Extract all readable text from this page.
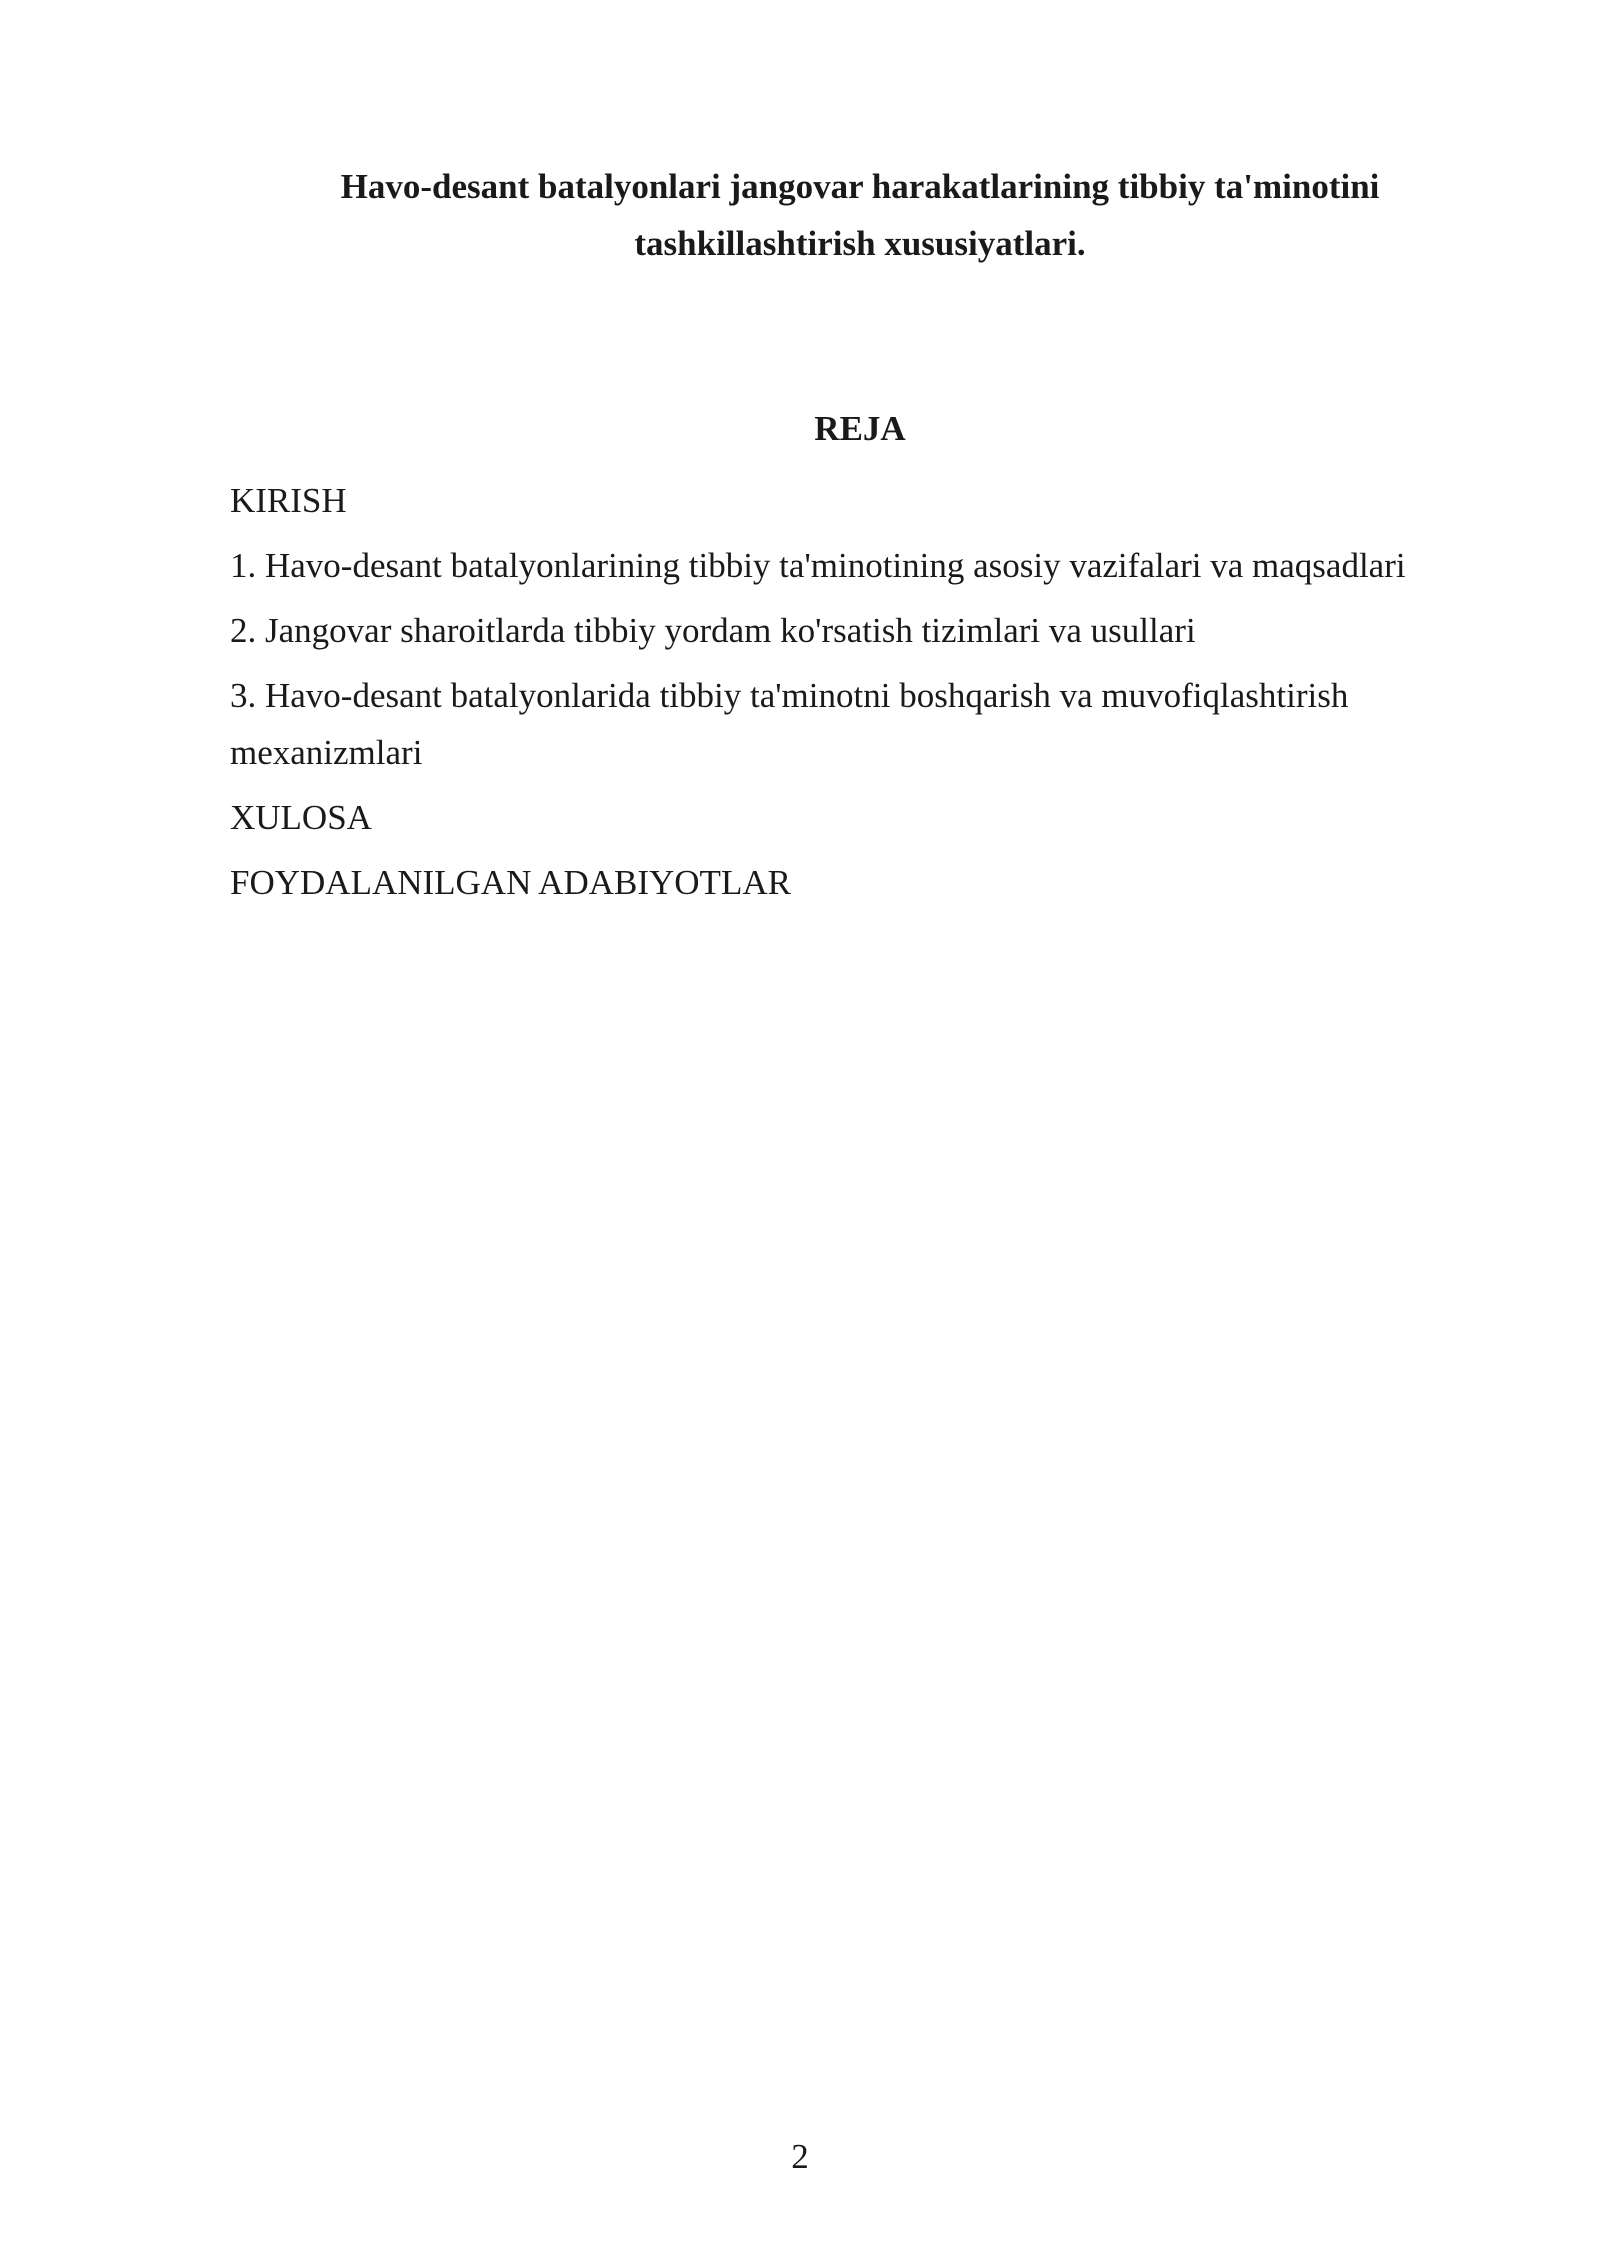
Havo-desant batalyonlari jangovar harakatlarining tibbiy ta'minotini tashkillashtirish xususiyatlari.
REJA
KIRISH
1. Havo-desant batalyonlarining tibbiy ta'minotining asosiy vazifalari va maqsadlari
2. Jangovar sharoitlarda tibbiy yordam ko'rsatish tizimlari va usullari
3. Havo-desant batalyonlarida tibbiy ta'minotni boshqarish va muvofiqlashtirish mexanizmlari
XULOSA
FOYDALANILGAN ADABIYOTLAR
2
